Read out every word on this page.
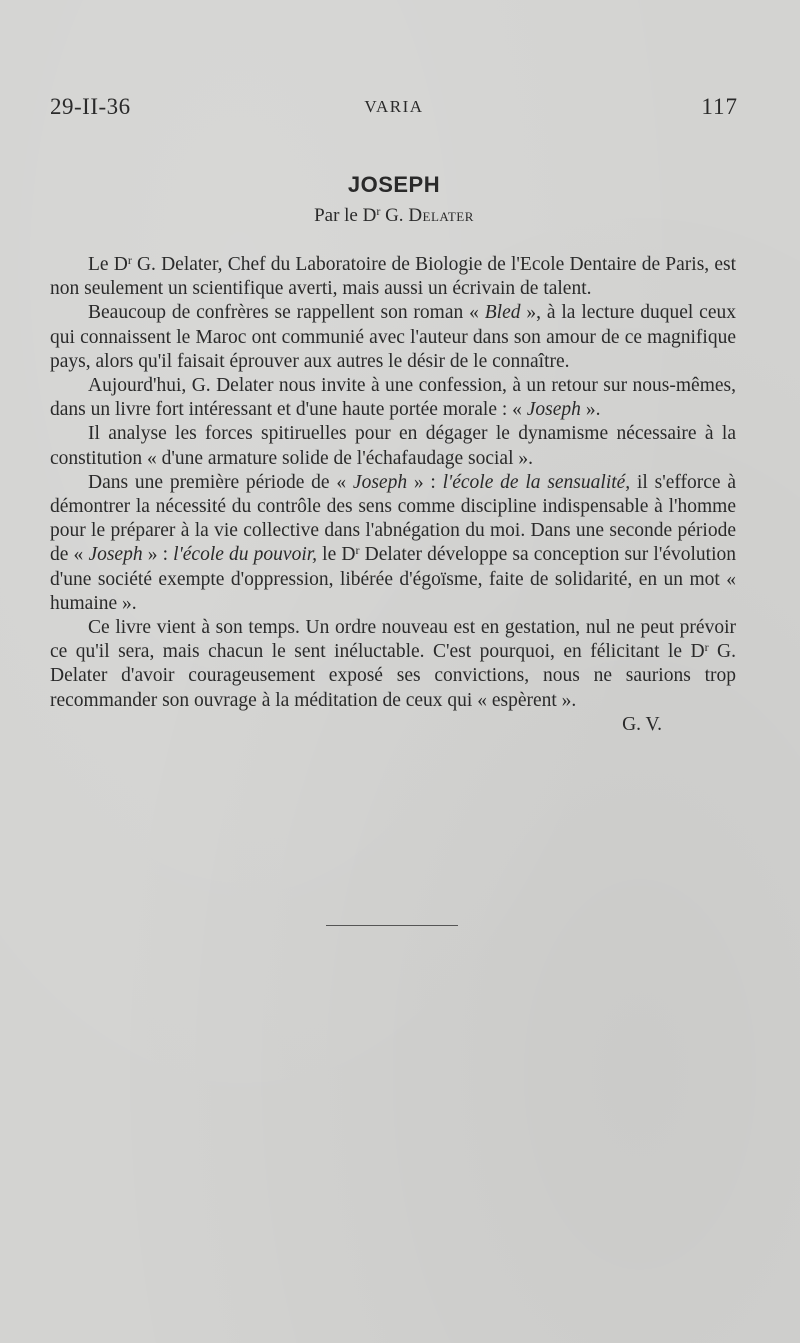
29-II-36	VARIA	117
JOSEPH
Par le $D^r$ G. Delater

Le $D^r$ G. Delater, Chef du Laboratoire de Biologie de l'Ecole Dentaire de Paris, est non seulement un scientifique averti, mais aussi un écrivain de talent.

Beaucoup de confrères se rappellent son roman « Bled », à la lecture duquel ceux qui connaissent le Maroc ont communié avec l'auteur dans son amour de ce magnifique pays, alors qu'il faisait éprouver aux autres le désir de le connaître.

Aujourd'hui, G. Delater nous invite à une confession, à un retour sur nous-mêmes, dans un livre fort intéressant et d'une haute portée morale : « Joseph ».

Il analyse les forces spitiruelles pour en dégager le dynamisme nécessaire à la constitution « d'une armature solide de l'échafaudage social ».

Dans une première période de « Joseph » : l'école de la sensualité, il s'efforce à démontrer la nécessité du contrôle des sens comme discipline indispensable à l'homme pour le préparer à la vie collective dans l'abnégation du moi. Dans une seconde période de « Joseph » : l'école du pouvoir, le $D^r$ Delater développe sa conception sur l'évolution d'une société exempte d'oppression, libérée d'égoïsme, faite de solidarité, en un mot « humaine ».

Ce livre vient à son temps. Un ordre nouveau est en gestation, nul ne peut prévoir ce qu'il sera, mais chacun le sent inéluctable. C'est pourquoi, en félicitant le $D^r$ G. Delater d'avoir courageusement exposé ses convictions, nous ne saurions trop recommander son ouvrage à la méditation de ceux qui « espèrent ».

G. V.
